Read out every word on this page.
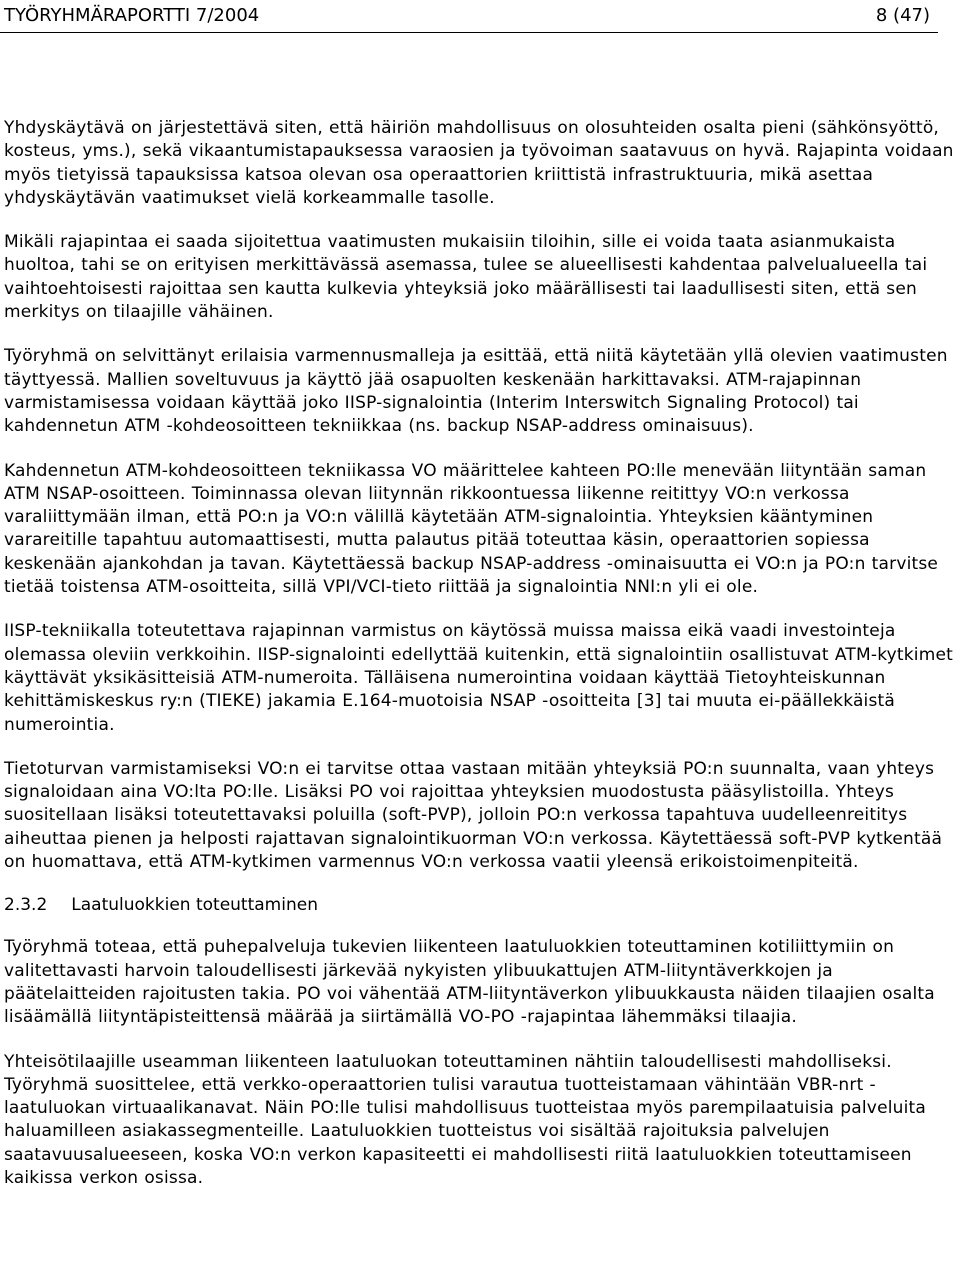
TYÖRYHMÄRAPORTTI 7/2004	8 (47)

Yhdyskäytävä on järjestettävä siten, että häiriön mahdollisuus on olosuhteiden osalta pieni (sähkönsyöttö, kosteus, yms.), sekä vikaantumistapauksessa varaosien ja työvoiman saatavuus on hyvä. Rajapinta voidaan myös tietyissä tapauksissa katsoa olevan osa operaattorien kriittistä infrastruktuuria, mikä asettaa yhdyskäytävän vaatimukset vielä korkeammalle tasolle.

Mikäli rajapintaa ei saada sijoitettua vaatimusten mukaisiin tiloihin, sille ei voida taata asianmukaista huoltoa, tahi se on erityisen merkittävässä asemassa, tulee se alueellisesti kahdentaa palvelualueella tai vaihtoehtoisesti rajoittaa sen kautta kulkevia yhteyksiä joko määrällisesti tai laadullisesti siten, että sen merkitys on tilaajille vähäinen.

Työryhmä on selvittänyt erilaisia varmennusmalleja ja esittää, että niitä käytetään yllä olevien vaatimusten täyttyessä. Mallien soveltuvuus ja käyttö jää osapuolten keskenään harkittavaksi. ATM-rajapinnan varmistamisessa voidaan käyttää joko IISP-signalointia (Interim Interswitch Signaling Protocol) tai kahdennetun ATM -kohdeosoitteen tekniikkaa (ns. backup NSAP-address ominaisuus).

Kahdennetun ATM-kohdeosoitteen tekniikassa VO määrittelee kahteen PO:lle menevään liityntään saman ATM NSAP-osoitteen. Toiminnassa olevan liitynnän rikkoontuessa liikenne reitittyy VO:n verkossa varaliittymään ilman, että PO:n ja VO:n välillä käytetään ATM-signalointia. Yhteyksien kääntyminen varareitille tapahtuu automaattisesti, mutta palautus pitää toteuttaa käsin, operaattorien sopiessa keskenään ajankohdan ja tavan. Käytettäessä backup NSAP-address -ominaisuutta ei VO:n ja PO:n tarvitse tietää toistensa ATM-osoitteita, sillä VPI/VCI-tieto riittää ja signalointia NNI:n yli ei ole.

IISP-tekniikalla toteutettava rajapinnan varmistus on käytössä muissa maissa eikä vaadi investointeja olemassa oleviin verkkoihin. IISP-signalointi edellyttää kuitenkin, että signalointiin osallistuvat ATM-kytkimet käyttävät yksikäsitteisiä ATM-numeroita. Tälläisena numerointina voidaan käyttää Tietoyhteiskunnan kehittämiskeskus ry:n (TIEKE) jakamia E.164-muotoisia NSAP -osoitteita [3] tai muuta ei-päällekkäistä numerointia.

Tietoturvan varmistamiseksi VO:n ei tarvitse ottaa vastaan mitään yhteyksiä PO:n suunnalta, vaan yhteys signaloidaan aina VO:lta PO:lle. Lisäksi PO voi rajoittaa yhteyksien muodostusta pääsylistoilla. Yhteys suositellaan lisäksi toteutettavaksi poluilla (soft-PVP), jolloin PO:n verkossa tapahtuva uudelleenreititys aiheuttaa pienen ja helposti rajattavan signalointikuorman VO:n verkossa. Käytettäessä soft-PVP kytkentää on huomattava, että ATM-kytkimen varmennus VO:n verkossa vaatii yleensä erikoistoimenpiteitä.

2.3.2 Laatuluokkien toteuttaminen

Työryhmä toteaa, että puhepalveluja tukevien liikenteen laatuluokkien toteuttaminen kotiliittymiin on valitettavasti harvoin taloudellisesti järkevää nykyisten ylibuukattujen ATM-liityntäverkkojen ja päätelaitteiden rajoitusten takia. PO voi vähentää ATM-liityntäverkon ylibuukkausta näiden tilaajien osalta lisäämällä liityntäpisteittensä määrää ja siirtämällä VO-PO -rajapintaa lähemmäksi tilaajia.

Yhteisötilaajille useamman liikenteen laatuluokan toteuttaminen nähtiin taloudellisesti mahdolliseksi. Työryhmä suosittelee, että verkko-operaattorien tulisi varautua tuotteistamaan vähintään VBR-nrt -laatuluokan virtuaalikanavat. Näin PO:lle tulisi mahdollisuus tuotteistaa myös parempilaatuisia palveluita haluamilleen asiakassegmenteille. Laatuluokkien tuotteistus voi sisältää rajoituksia palvelujen saatavuusalueeseen, koska VO:n verkon kapasiteetti ei mahdollisesti riitä laatuluokkien toteuttamiseen kaikissa verkon osissa.
